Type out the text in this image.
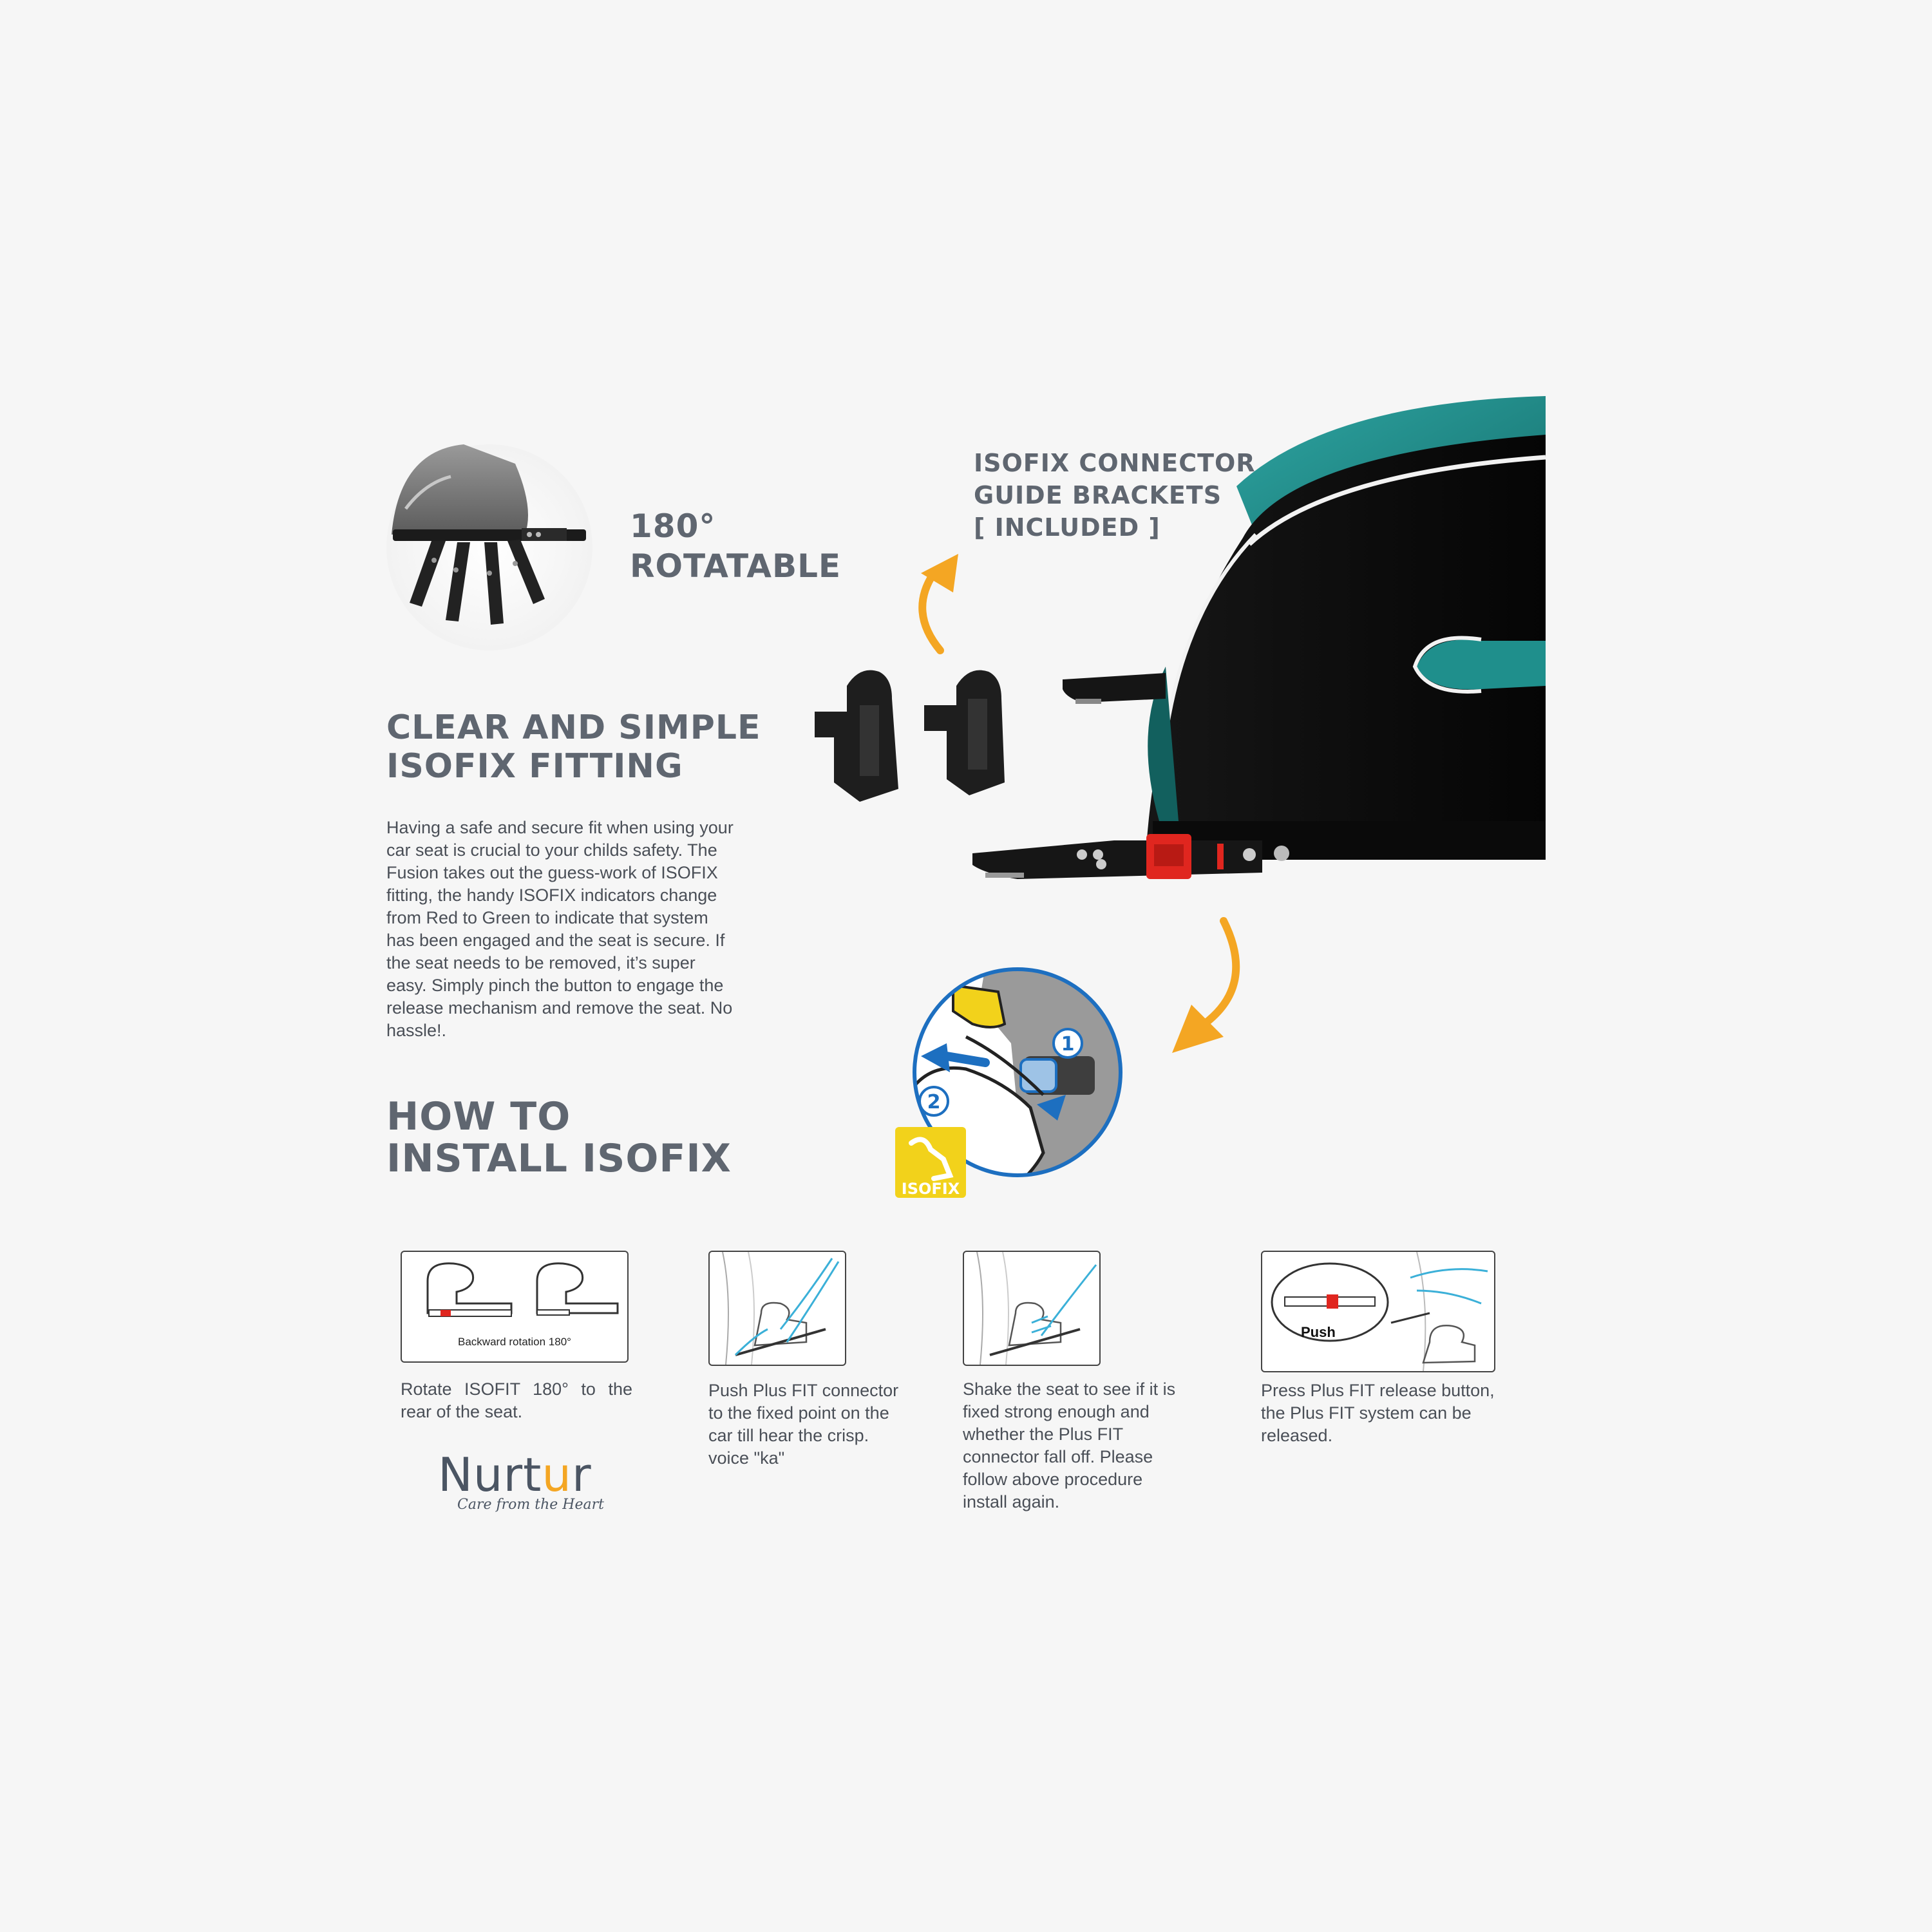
180°
ROTATABLE
ISOFIX CONNECTOR
GUIDE BRACKETS
[ INCLUDED ]
CLEAR AND SIMPLE
ISOFIX FITTING
Having a safe and secure fit when using your car seat is crucial to your childs safety. The Fusion takes out the guess-work of ISOFIX fitting, the handy ISOFIX indicators change from Red to Green to indicate that system has been engaged and the seat is secure. If the seat needs to be removed, it’s super easy. Simply pinch the button to engage the release mechanism and remove the seat. No hassle!.
HOW TO
INSTALL ISOFIX
1
2
ISOFIX
Backward rotation 180°
Rotate ISOFIT 180° to the rear of the seat.
Push Plus FIT connector to the fixed point on the car till hear the crisp. voice "ka"
Shake the seat to see if it is fixed strong enough and whether the Plus FIT connector fall off. Please follow above procedure install again.
Push
Press Plus FIT release button, the Plus FIT system can be released.
Nurtur
Care from the Heart
